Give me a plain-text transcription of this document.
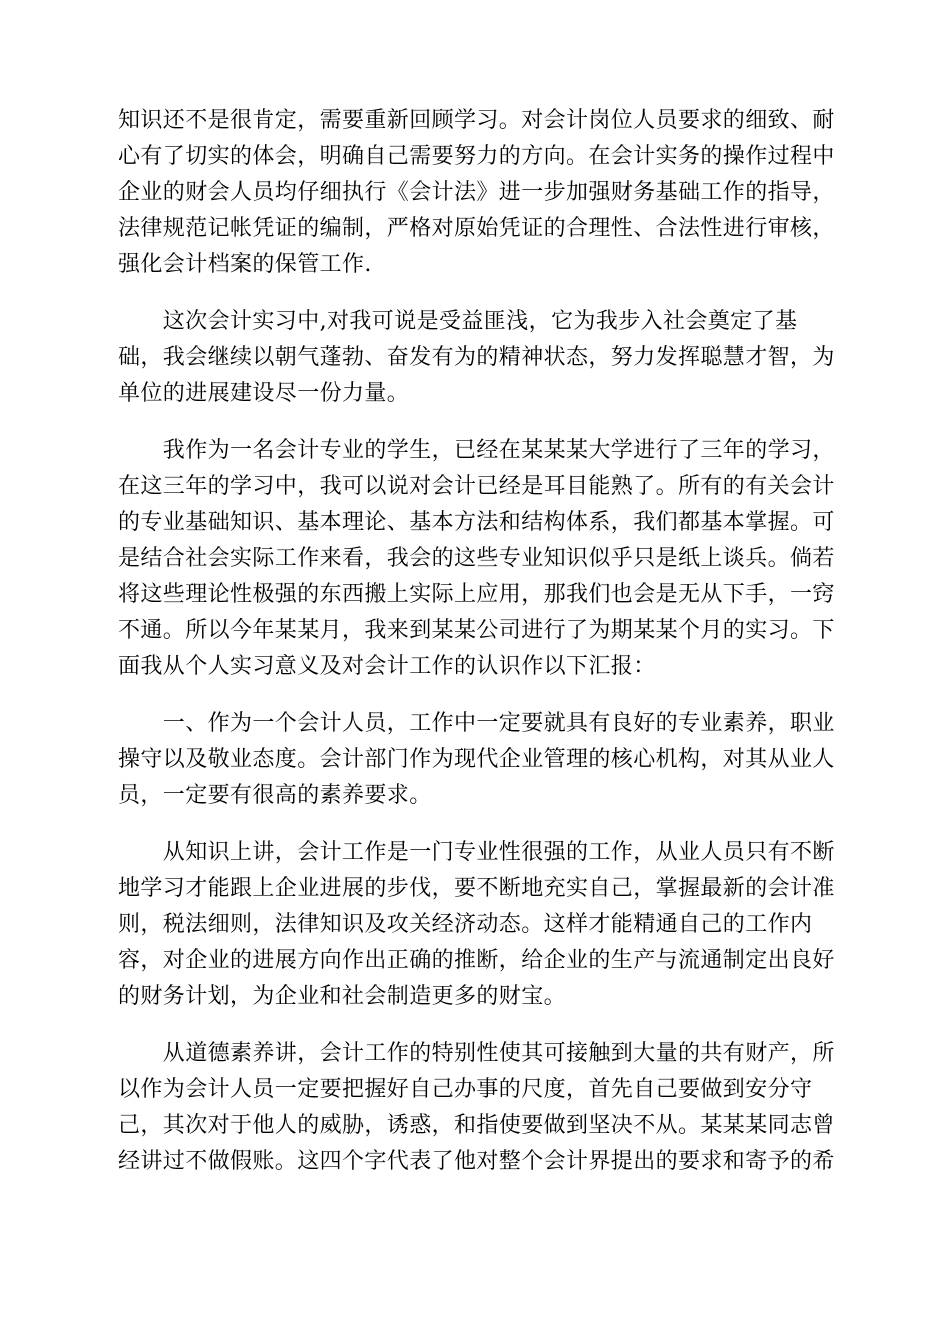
知识还不是很肯定，需要重新回顾学习。对会计岗位人员要求的细致、耐
心有了切实的体会，明确自己需要努力的方向。在会计实务的操作过程中
企业的财会人员均仔细执行《会计法》进一步加强财务基础工作的指导，
法律规范记帐凭证的编制，严格对原始凭证的合理性、合法性进行审核，
强化会计档案的保管工作.
　　这次会计实习中,对我可说是受益匪浅，它为我步入社会奠定了基
础，我会继续以朝气蓬勃、奋发有为的精神状态，努力发挥聪慧才智，为
单位的进展建设尽一份力量。
　　我作为一名会计专业的学生，已经在某某某大学进行了三年的学习，
在这三年的学习中，我可以说对会计已经是耳目能熟了。所有的有关会计
的专业基础知识、基本理论、基本方法和结构体系，我们都基本掌握。可
是结合社会实际工作来看，我会的这些专业知识似乎只是纸上谈兵。倘若
将这些理论性极强的东西搬上实际上应用，那我们也会是无从下手，一窍
不通。所以今年某某月，我来到某某公司进行了为期某某个月的实习。下
面我从个人实习意义及对会计工作的认识作以下汇报：
　　一、作为一个会计人员，工作中一定要就具有良好的专业素养，职业
操守以及敬业态度。会计部门作为现代企业管理的核心机构，对其从业人
员，一定要有很高的素养要求。
　　从知识上讲，会计工作是一门专业性很强的工作，从业人员只有不断
地学习才能跟上企业进展的步伐，要不断地充实自己，掌握最新的会计准
则，税法细则，法律知识及攻关经济动态。这样才能精通自己的工作内
容，对企业的进展方向作出正确的推断，给企业的生产与流通制定出良好
的财务计划，为企业和社会制造更多的财宝。
　　从道德素养讲，会计工作的特别性使其可接触到大量的共有财产，所
以作为会计人员一定要把握好自己办事的尺度，首先自己要做到安分守
己，其次对于他人的威胁，诱惑，和指使要做到坚决不从。某某某同志曾
经讲过不做假账。这四个字代表了他对整个会计界提出的要求和寄予的希
